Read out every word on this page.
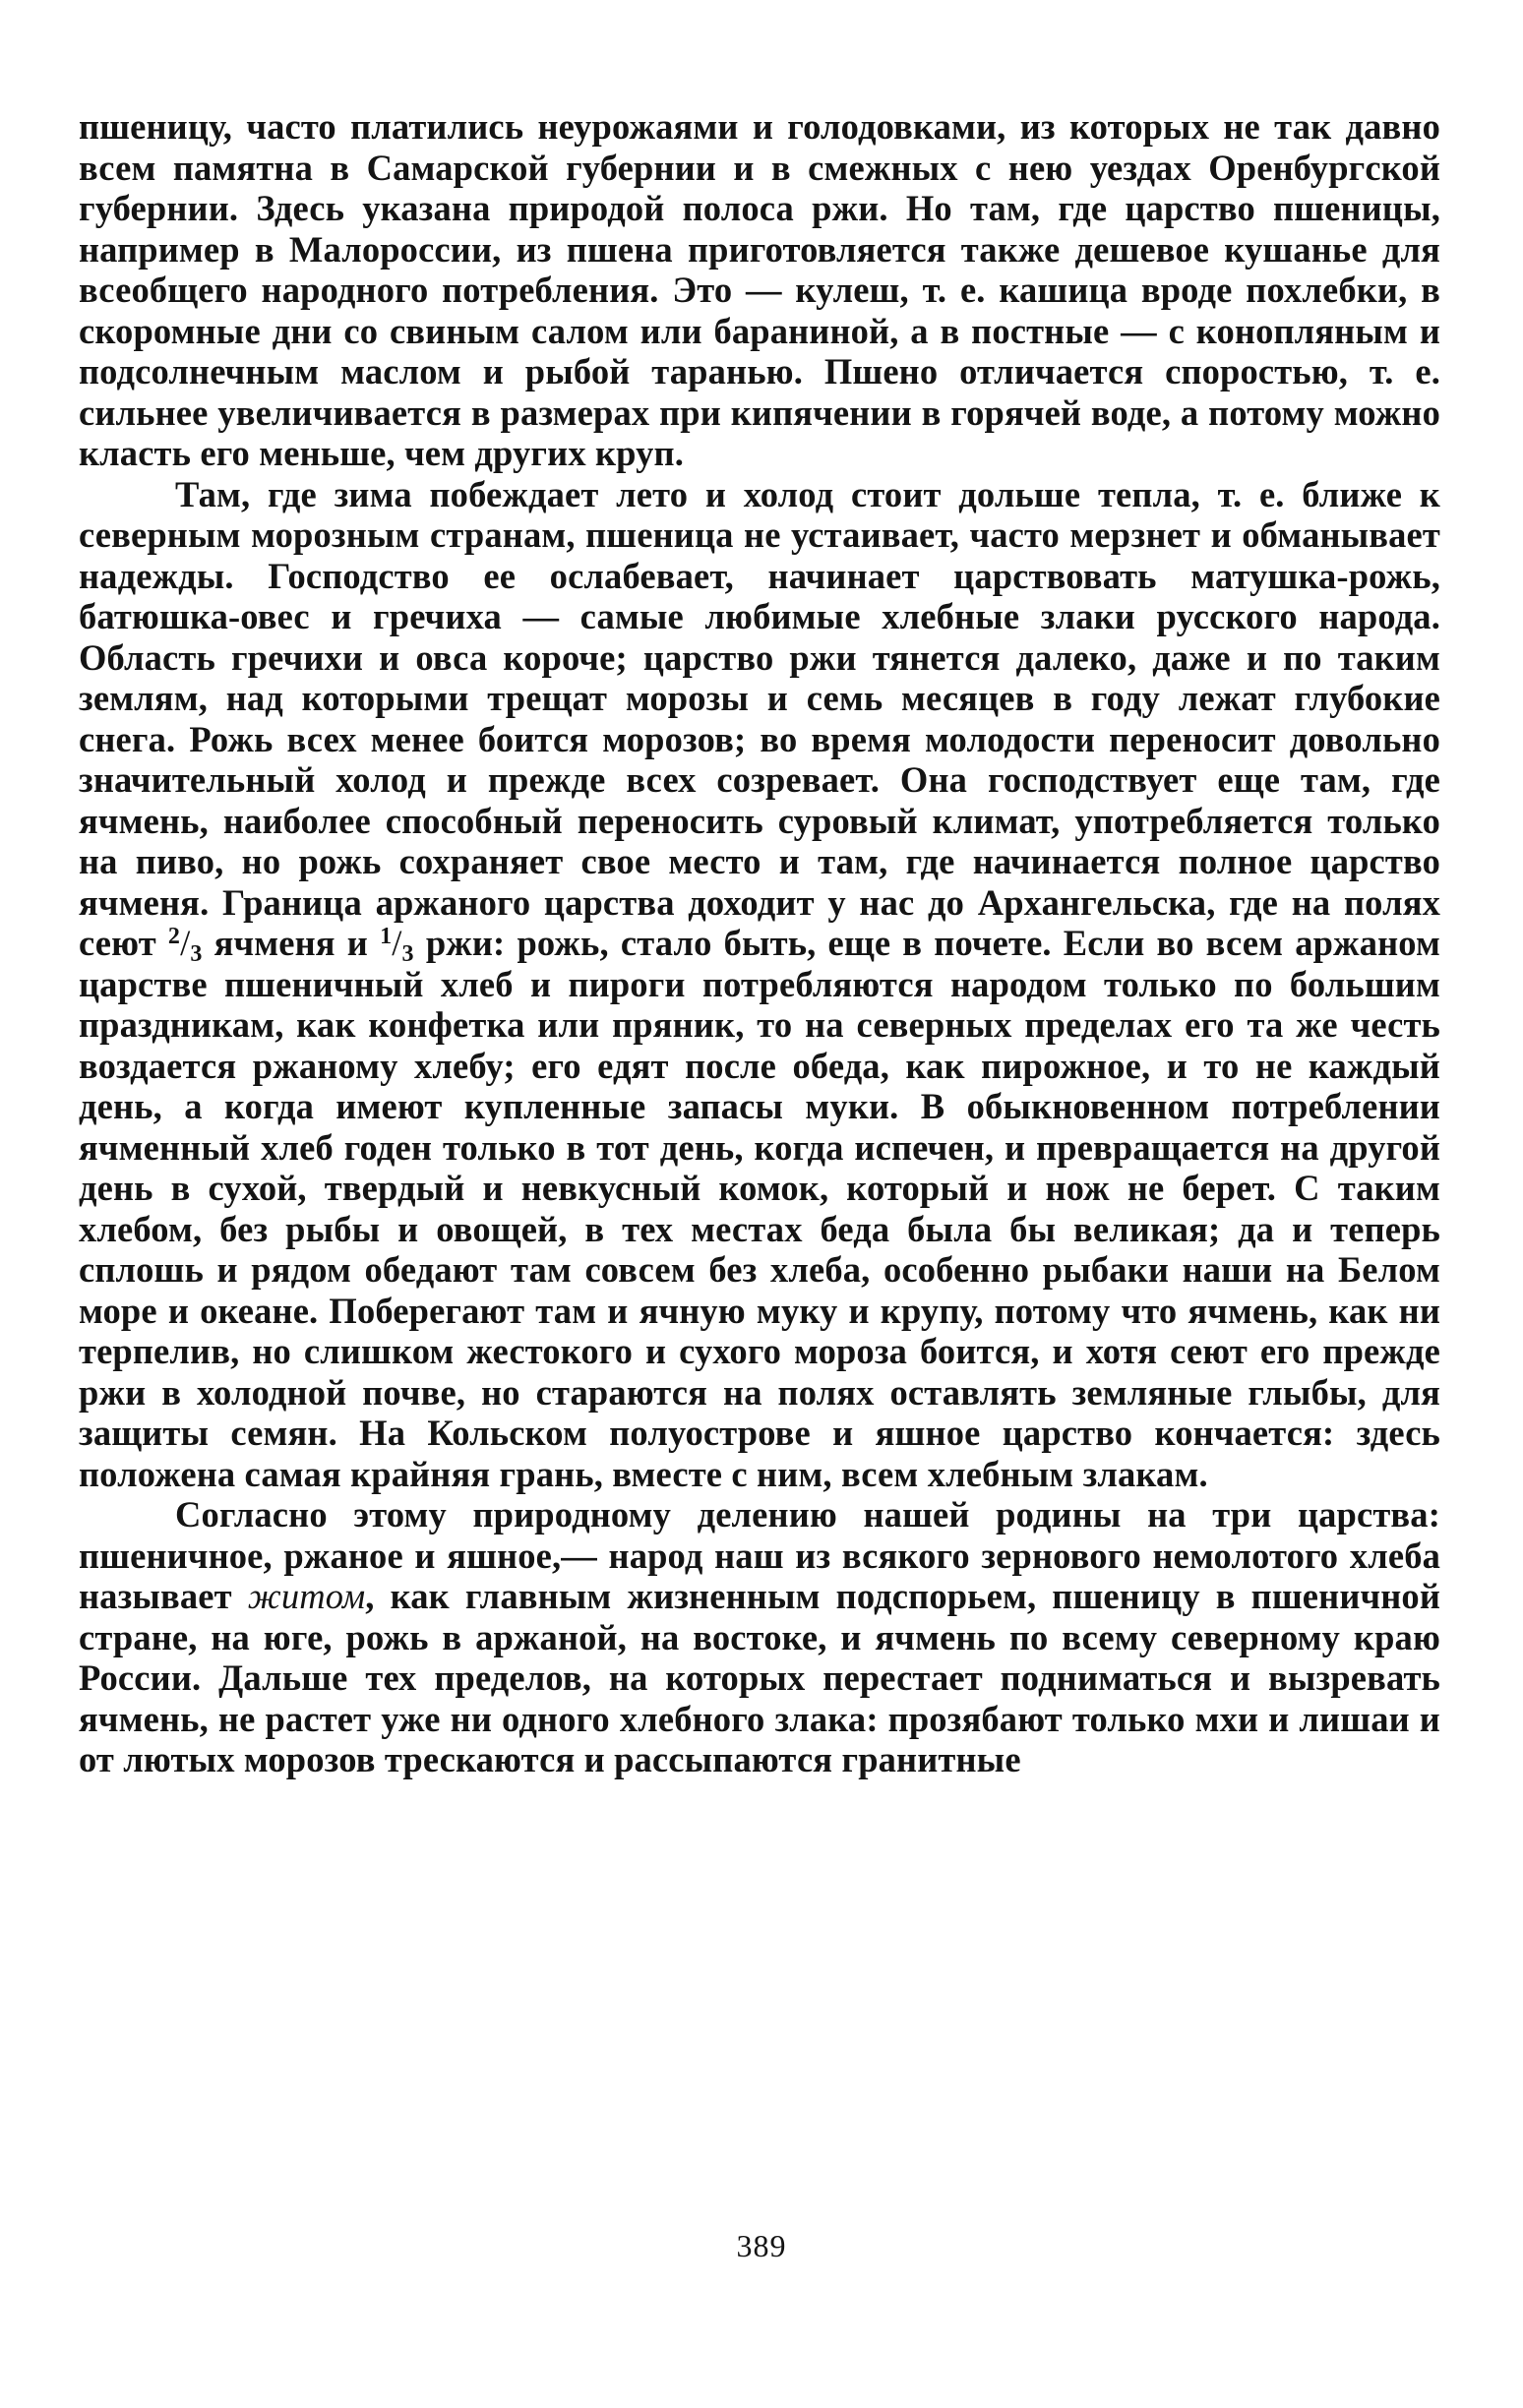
пшеницу, часто платились неурожаями и голодовками, из которых не так давно всем памятна в Самарской губернии и в смежных с нею уездах Оренбургской губернии. Здесь указана природой полоса ржи. Но там, где царство пшеницы, например в Малороссии, из пшена приготовляется также дешевое кушанье для всеобщего народного потребления. Это — кулеш, т. е. кашица вроде похлебки, в скоромные дни со свиным салом или бараниной, а в постные — с конопляным и подсолнечным маслом и рыбой таранью. Пшено отличается споростью, т. е. сильнее увеличивается в размерах при кипячении в горячей воде, а потому можно класть его меньше, чем других круп.

Там, где зима побеждает лето и холод стоит дольше тепла, т. е. ближе к северным морозным странам, пшеница не устаивает, часто мерзнет и обманывает надежды. Господство ее ослабевает, начинает царствовать матушка-рожь, батюшка-овес и гречиха — самые любимые хлебные злаки русского народа. Область гречихи и овса короче; царство ржи тянется далеко, даже и по таким землям, над которыми трещат морозы и семь месяцев в году лежат глубокие снега. Рожь всех менее боится морозов; во время молодости переносит довольно значительный холод и прежде всех созревает. Она господствует еще там, где ячмень, наиболее способный переносить суровый климат, употребляется только на пиво, но рожь сохраняет свое место и там, где начинается полное царство ячменя. Граница аржаного царства доходит у нас до Архангельска, где на полях сеют $^2/_3$ ячменя и $^1/_3$ ржи: рожь, стало быть, еще в почете. Если во всем аржаном царстве пшеничный хлеб и пироги потребляются народом только по большим праздникам, как конфетка или пряник, то на северных пределах его та же честь воздается ржаному хлебу; его едят после обеда, как пирожное, и то не каждый день, а когда имеют купленные запасы муки. В обыкновенном потреблении ячменный хлеб годен только в тот день, когда испечен, и превращается на другой день в сухой, твердый и невкусный комок, который и нож не берет. С таким хлебом, без рыбы и овощей, в тех местах беда была бы великая; да и теперь сплошь и рядом обедают там совсем без хлеба, особенно рыбаки наши на Белом море и океане. Поберегают там и ячную муку и крупу, потому что ячмень, как ни терпелив, но слишком жестокого и сухого мороза боится, и хотя сеют его прежде ржи в холодной почве, но стараются на полях оставлять земляные глыбы, для защиты семян. На Кольском полуострове и яшное царство кончается: здесь положена самая крайняя грань, вместе с ним, всем хлебным злакам.

Согласно этому природному делению нашей родины на три царства: пшеничное, ржаное и яшное,— народ наш из всякого зернового немолотого хлеба называет житом, как главным жизненным подспорьем, пшеницу в пшеничной стране, на юге, рожь в аржаной, на востоке, и ячмень по всему северному краю России. Дальше тех пределов, на которых перестает подниматься и вызревать ячмень, не растет уже ни одного хлебного злака: прозябают только мхи и лишаи и от лютых морозов трескаются и рассыпаются гранитные

389
